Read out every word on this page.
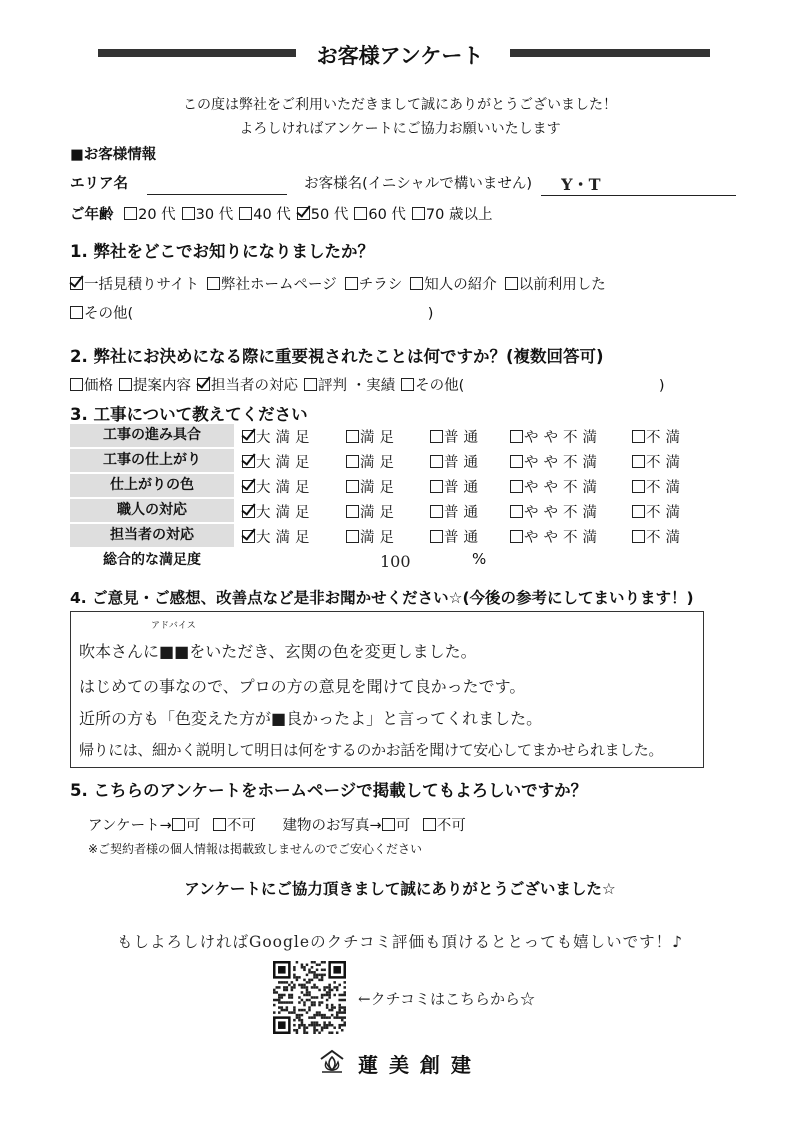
お客様アンケート
この度は弊社をご利用いただきまして誠にありがとうございました！
よろしければアンケートにご協力お願いいたします
■お客様情報
エリア名	お客様名(イニシャルで構いません) Y・T
ご年齢 20 代 30 代 40 代 50 代 60 代 70 歳以上
1. 弊社をどこでお知りになりましたか？
一括見積りサイト 弊社ホームページ チラシ 知人の紹介 以前利用した
その他(	)
2. 弊社にお決めになる際に重要視されたことは何ですか？(複数回答可)
価格 提案内容 担当者の対応 評判 ・実績 その他(	)
3. 工事について教えてください
工事の進み具合	大満足	満足	普通	やや不満	不満
工事の仕上がり	大満足	満足	普通	やや不満	不満
仕上がりの色	大満足	満足	普通	やや不満	不満
職人の対応	大満足	満足	普通	やや不満	不満
担当者の対応	大満足	満足	普通	やや不満	不満
総合的な満足度	100	%
4. ご意見・ご感想、改善点など是非お聞かせください☆(今後の参考にしてまいります！)
アドバイス
吹本さんに■■をいただき、玄関の色を変更しました。
はじめての事なので、プロの方の意見を聞けて良かったです。
近所の方も「色変えた方が■良かったよ」と言ってくれました。
帰りには、細かく説明して明日は何をするのかお話を聞けて安心してまかせられました。
5. こちらのアンケートをホームページで掲載してもよろしいですか？
アンケート→ 可 不可 建物のお写真→ 可 不可
※ご契約者様の個人情報は掲載致しませんのでご安心ください
アンケートにご協力頂きまして誠にありがとうございました☆
もしよろしければGoogleのクチコミ評価も頂けるととっても嬉しいです！♪
←クチコミはこちらから☆
蓮 美 創 建
